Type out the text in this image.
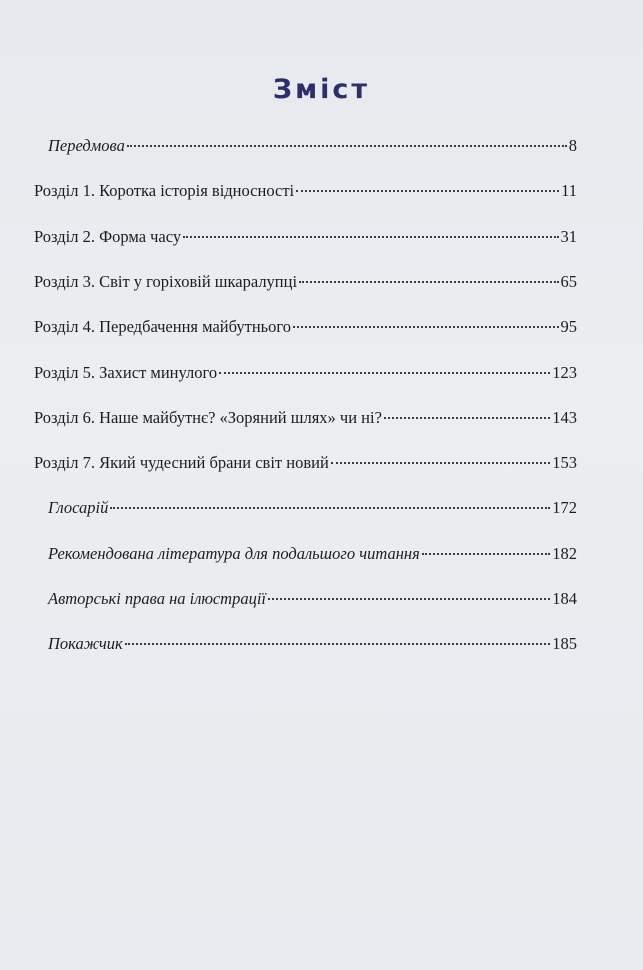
Зміст
Передмова	8
Розділ 1. Коротка історія відносності	11
Розділ 2. Форма часу	31
Розділ 3. Світ у горіховій шкаралупці	65
Розділ 4. Передбачення майбутнього	95
Розділ 5. Захист минулого	123
Розділ 6. Наше майбутнє? «Зоряний шлях» чи ні?	143
Розділ 7. Який чудесний брани світ новий	153
Глосарій	172
Рекомендована література для подальшого читання	182
Авторські права на ілюстрації	184
Покажчик	185
